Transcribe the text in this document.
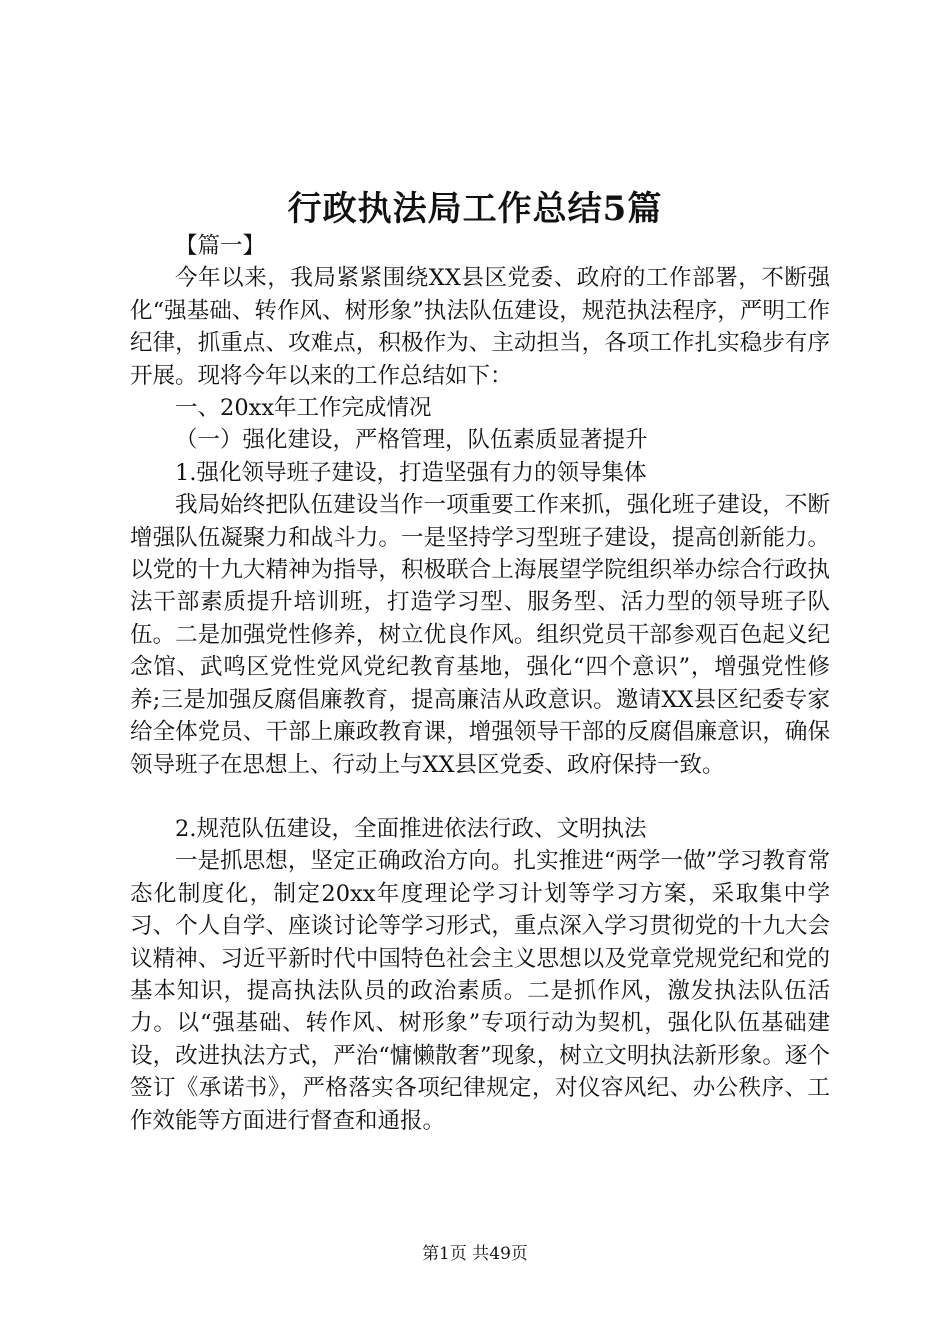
行政执法局工作总结5篇

【篇一】

今年以来，我局紧紧围绕XX县区党委、政府的工作部署，不断强化“强基础、转作风、树形象”执法队伍建设，规范执法程序，严明工作纪律，抓重点、攻难点，积极作为、主动担当，各项工作扎实稳步有序开展。现将今年以来的工作总结如下：

一、20xx年工作完成情况

（一）强化建设，严格管理，队伍素质显著提升

1.强化领导班子建设，打造坚强有力的领导集体

我局始终把队伍建设当作一项重要工作来抓，强化班子建设，不断增强队伍凝聚力和战斗力。一是坚持学习型班子建设，提高创新能力。以党的十九大精神为指导，积极联合上海展望学院组织举办综合行政执法干部素质提升培训班，打造学习型、服务型、活力型的领导班子队伍。二是加强党性修养，树立优良作风。组织党员干部参观百色起义纪念馆、武鸣区党性党风党纪教育基地，强化“四个意识”，增强党性修养;三是加强反腐倡廉教育，提高廉洁从政意识。邀请XX县区纪委专家给全体党员、干部上廉政教育课，增强领导干部的反腐倡廉意识，确保领导班子在思想上、行动上与XX县区党委、政府保持一致。

2.规范队伍建设，全面推进依法行政、文明执法

一是抓思想，坚定正确政治方向。扎实推进“两学一做”学习教育常态化制度化，制定20xx年度理论学习计划等学习方案，采取集中学习、个人自学、座谈讨论等学习形式，重点深入学习贯彻党的十九大会议精神、习近平新时代中国特色社会主义思想以及党章党规党纪和党的基本知识，提高执法队员的政治素质。二是抓作风，激发执法队伍活力。以“强基础、转作风、树形象”专项行动为契机，强化队伍基础建设，改进执法方式，严治“慵懒散奢”现象，树立文明执法新形象。逐个签订《承诺书》，严格落实各项纪律规定，对仪容风纪、办公秩序、工作效能等方面进行督查和通报。

第1页 共49页
